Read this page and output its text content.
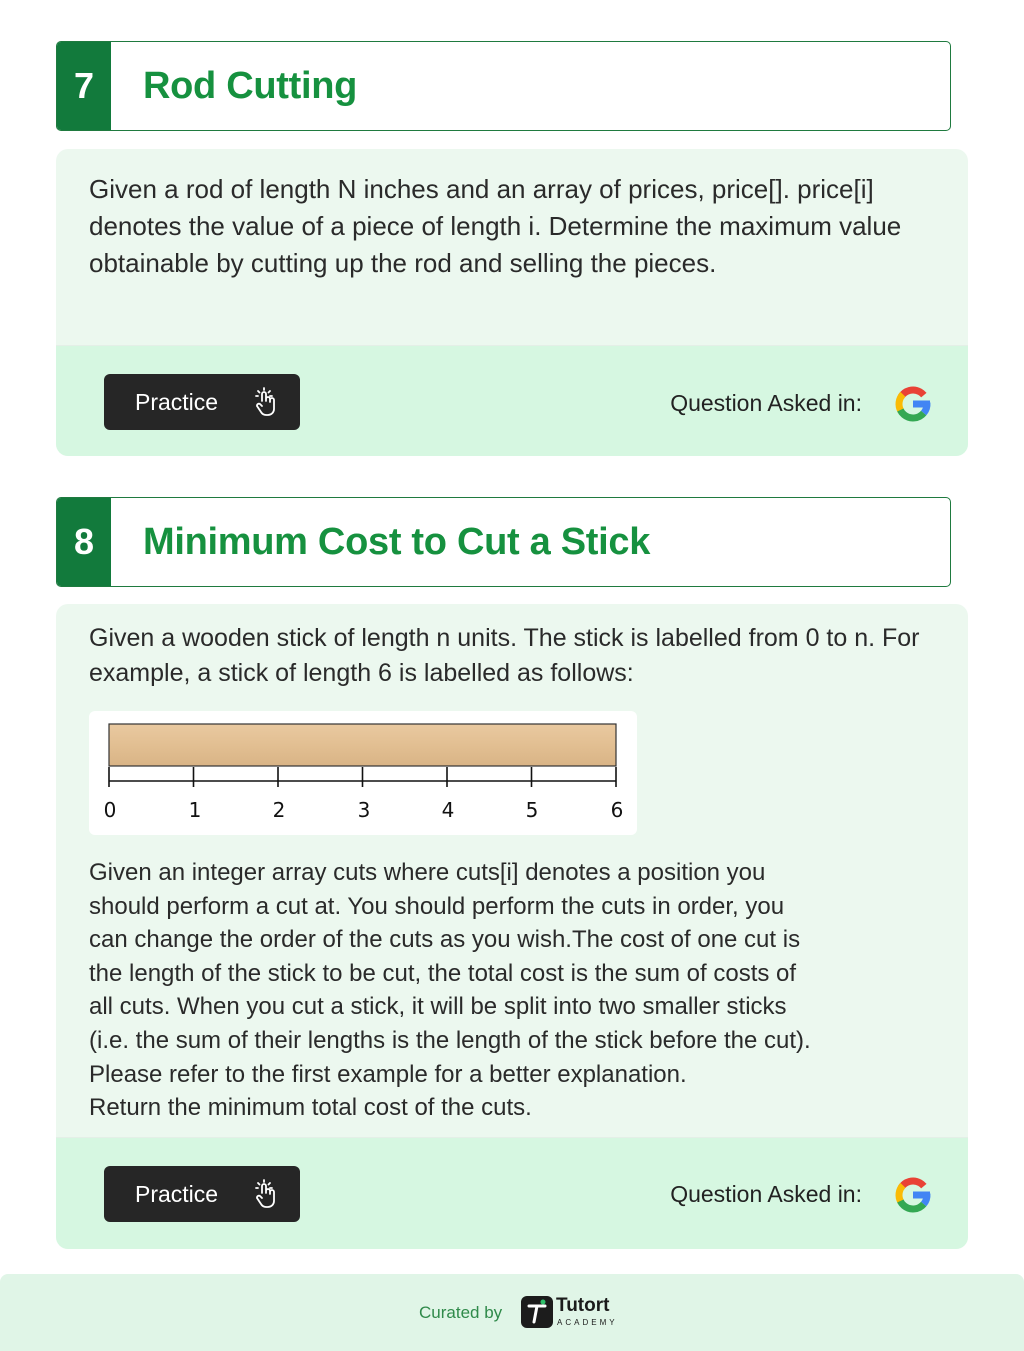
7	Rod Cutting
Given a rod of length N inches and an array of prices, price[]. price[i] denotes the value of a piece of length i. Determine the maximum value obtainable by cutting up the rod and selling the pieces.
Practice	Question Asked in:
8	Minimum Cost to Cut a Stick
Given a wooden stick of length n units. The stick is labelled from 0 to n. For example, a stick of length 6 is labelled as follows:
Given an integer array cuts where cuts[i] denotes a position you
should perform a cut at. You should perform the cuts in order, you
can change the order of the cuts as you wish.The cost of one cut is
the length of the stick to be cut, the total cost is the sum of costs of
all cuts. When you cut a stick, it will be split into two smaller sticks
(i.e. the sum of their lengths is the length of the stick before the cut).
Please refer to the first example for a better explanation.
Return the minimum total cost of the cuts.
Practice	Question Asked in:
0	1	2	3	4	5	6
Curated by	Tutort
ACADEMY
